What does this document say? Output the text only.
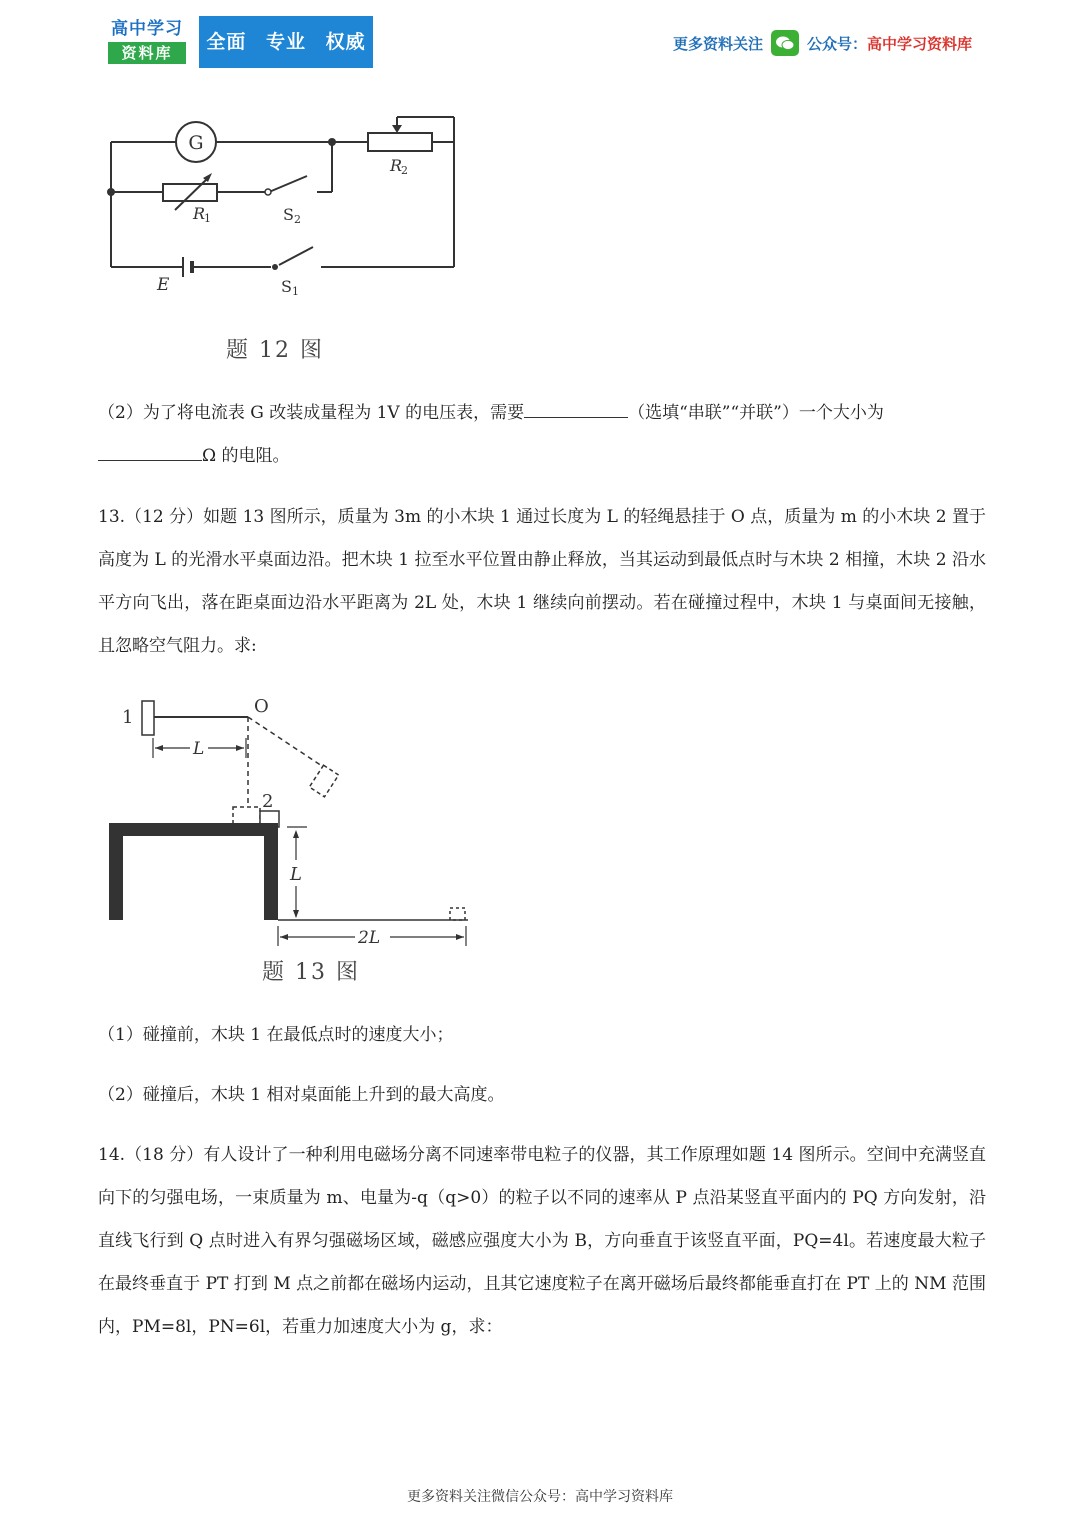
高中学习
资料库	全面 专业 权威	更多资料关注	公众号：高中学习资料库
G
R
2
R
1	S 2
E	S 1
题 12 图

（2）为了将电流表 G 改装成量程为 1V 的电压表，需要	（选填“串联”“并联”）一个大小为
Ω 的电阻。

13.（12 分）如题 13 图所示，质量为 3m 的小木块 1 通过长度为 L 的轻绳悬挂于 O 点，质量为 m 的小木块 2 置于高度为 L 的光滑水平桌面边沿。把木块 1 拉至水平位置由静止释放，当其运动到最低点时与木块 2 相撞，木块 2 沿水平方向飞出，落在距桌面边沿水平距离为 2L 处，木块 1 继续向前摆动。若在碰撞过程中，木块 1 与桌面间无接触，且忽略空气阻力。求:

1
O
L
2
L
2L
题 13 图

（1）碰撞前，木块 1 在最低点时的速度大小；

（2）碰撞后，木块 1 相对桌面能上升到的最大高度。

14.（18 分）有人设计了一种利用电磁场分离不同速率带电粒子的仪器，其工作原理如题 14 图所示。空间中充满竖直向下的匀强电场，一束质量为 m、电量为-q（q>0）的粒子以不同的速率从 P 点沿某竖直平面内的 PQ 方向发射，沿直线飞行到 Q 点时进入有界匀强磁场区域，磁感应强度大小为 B，方向垂直于该竖直平面，PQ=4l。若速度最大粒子在最终垂直于 PT 打到 M 点之前都在磁场内运动，且其它速度粒子在离开磁场后最终都能垂直打在 PT 上的 NM 范围内，PM=8l，PN=6l，若重力加速度大小为 g，求：

更多资料关注微信公众号：高中学习资料库
